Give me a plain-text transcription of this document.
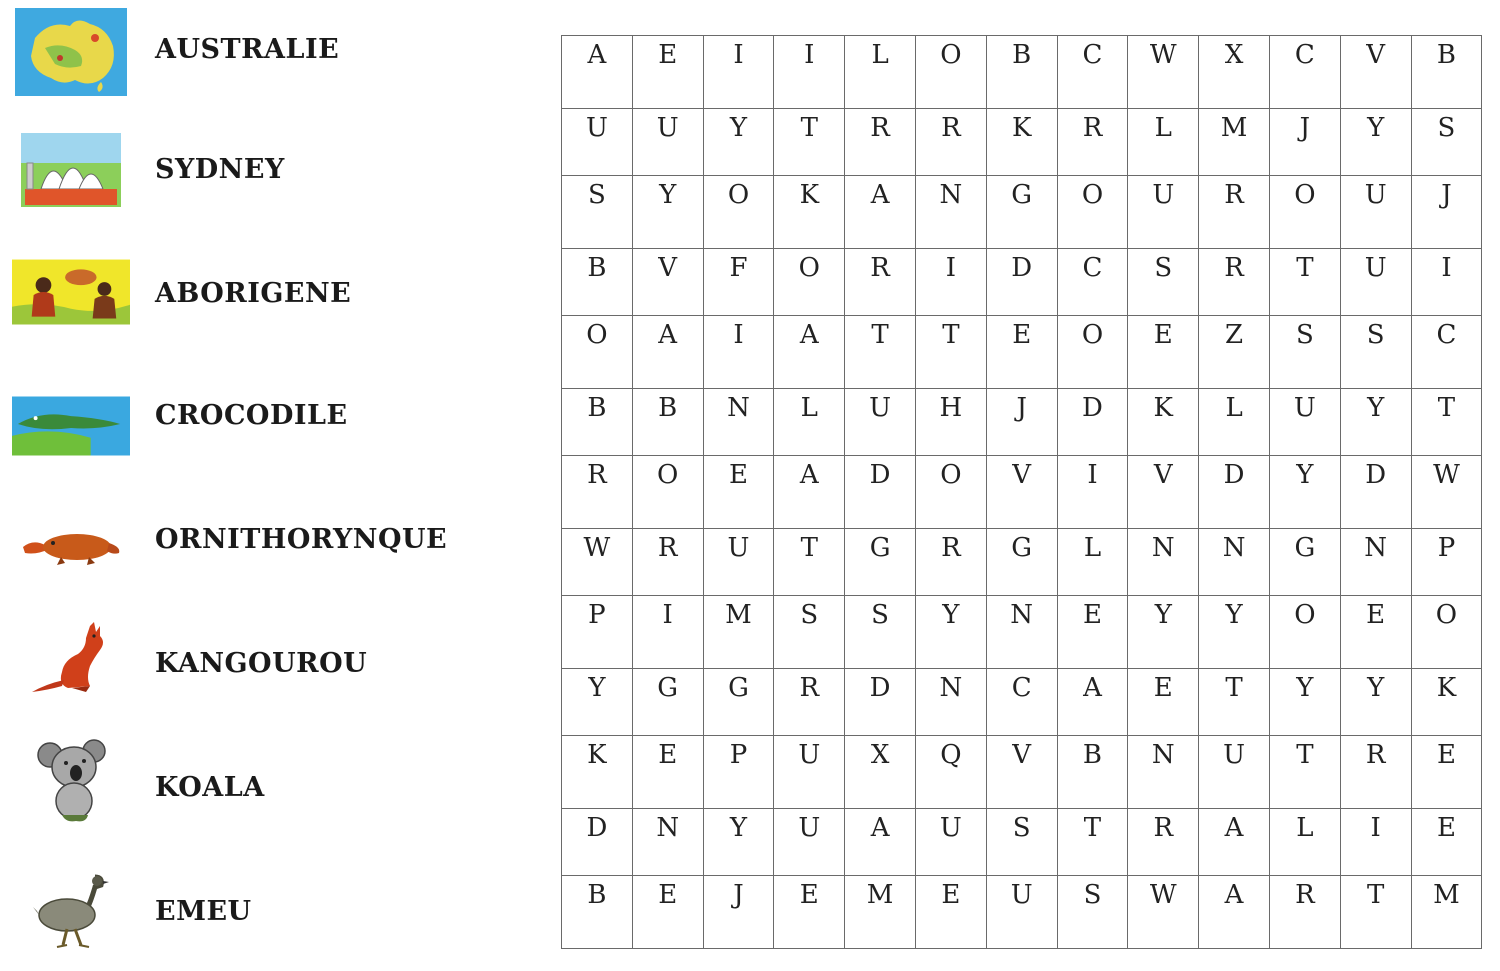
AUSTRALIE
SYDNEY
ABORIGENE
CROCODILE
ORNITHORYNQUE
KANGOUROU
KOALA
EMEU
A	E	I	I	L	O	B	C	W	X	C	V	B

U	U	Y	T	R	R	K	R	L	M	J	Y	S

S	Y	O	K	A	N	G	O	U	R	O	U	J

B	V	F	O	R	I	D	C	S	R	T	U	I

O	A	I	A	T	T	E	O	E	Z	S	S	C

B	B	N	L	U	H	J	D	K	L	U	Y	T

R	O	E	A	D	O	V	I	V	D	Y	D	W

W	R	U	T	G	R	G	L	N	N	G	N	P

P	I	M	S	S	Y	N	E	Y	Y	O	E	O

Y	G	G	R	D	N	C	A	E	T	Y	Y	K

K	E	P	U	X	Q	V	B	N	U	T	R	E

D	N	Y	U	A	U	S	T	R	A	L	I	E

B	E	J	E	M	E	U	S	W	A	R	T	M
